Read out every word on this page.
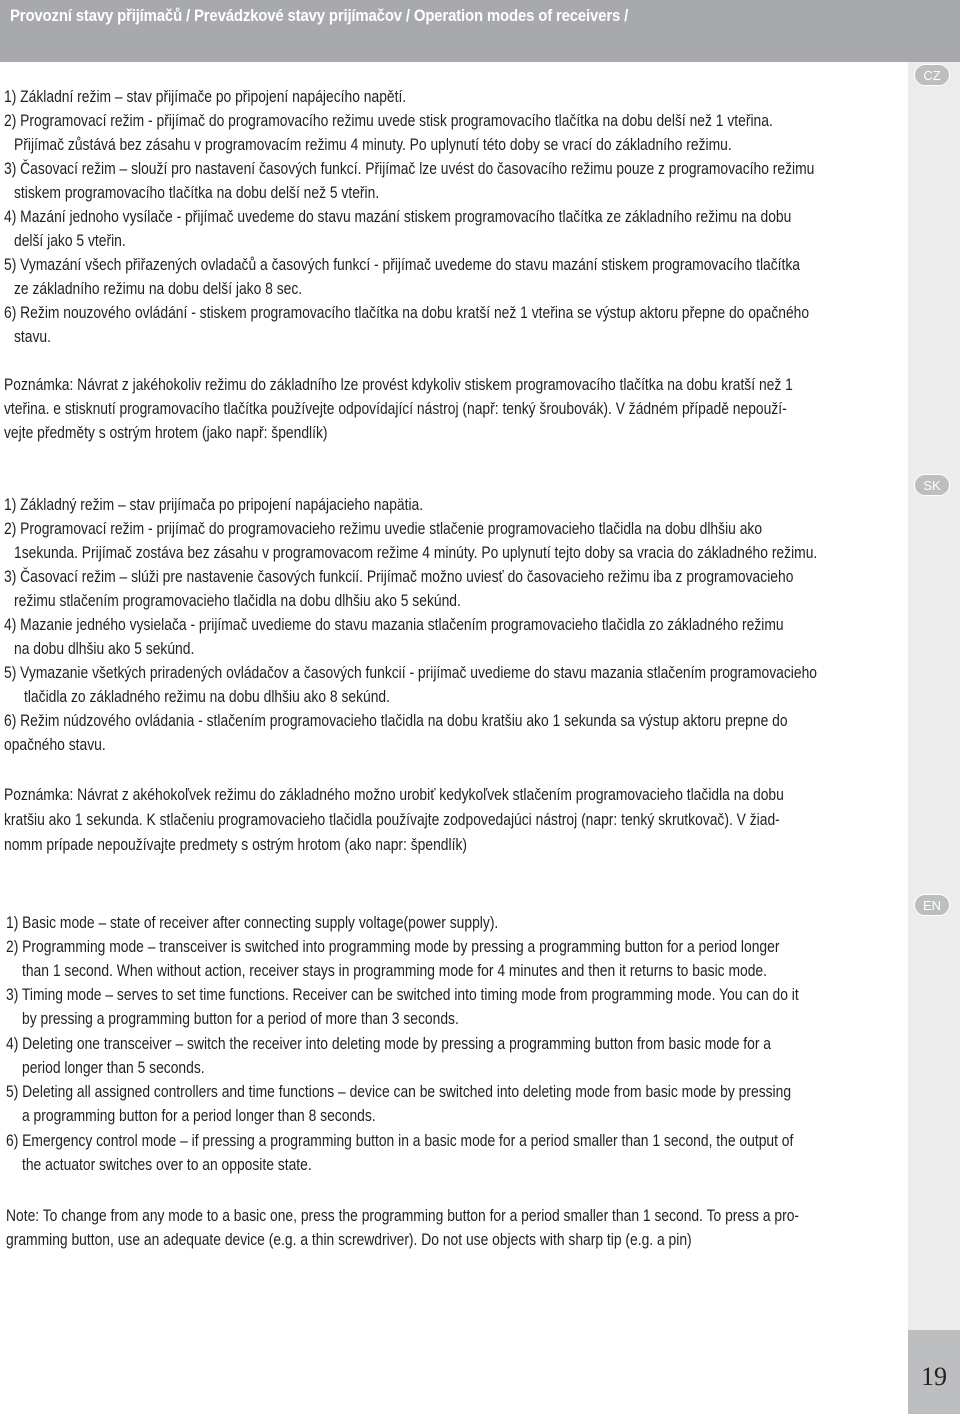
Provozní stavy přijímačů / Prevádzkové stavy prijímačov / Operation modes of receivers /
CZ
SK
EN
19
1) Základní režim – stav přijímače po připojení napájecího napětí.
2) Programovací režim - přijímač do programovacího režimu uvede stisk programovacího tlačítka na dobu delší než 1 vteřina.
Přijímač zůstává bez zásahu v programovacím režimu 4 minuty. Po uplynutí této doby se vrací do základního režimu.
3) Časovací režim – slouží pro nastavení časových funkcí. Přijímač lze uvést do časovacího režimu pouze z programovacího režimu
stiskem programovacího tlačítka na dobu delší než 5 vteřin.
4) Mazání jednoho vysílače - přijímač uvedeme do stavu mazání stiskem programovacího tlačítka ze základního režimu na dobu
delší jako 5 vteřin.
5) Vymazání všech přiřazených ovladačů a časových funkcí - přijímač uvedeme do stavu mazání stiskem programovacího tlačítka
ze základního režimu na dobu delší jako 8 sec.
6) Režim nouzového ovládání - stiskem programovacího tlačítka na dobu kratší než 1 vteřina se výstup aktoru přepne do opačného
stavu.
Poznámka: Návrat z jakéhokoliv režimu do základního lze provést kdykoliv stiskem programovacího tlačítka na dobu kratší než 1
vteřina. e stisknutí programovacího tlačítka používejte odpovídající nástroj (např: tenký šroubovák). V žádném případě nepouží-
vejte předměty s ostrým hrotem (jako např: špendlík)
1) Základný režim – stav prijímača po pripojení napájacieho napätia.
2) Programovací režim - prijímač do programovacieho režimu uvedie stlačenie programovacieho tlačidla na dobu dlhšiu ako
1sekunda. Prijímač zostáva bez zásahu v programovacom režime 4 minúty. Po uplynutí tejto doby sa vracia do základného režimu.
3) Časovací režim – slúži pre nastavenie časových funkcií. Prijímač možno uviesť do časovacieho režimu iba z programovacieho
režimu stlačením programovacieho tlačidla na dobu dlhšiu ako 5 sekúnd.
4) Mazanie jedného vysielača - prijímač uvedieme do stavu mazania stlačením programovacieho tlačidla zo základného režimu
na dobu dlhšiu ako 5 sekúnd.
5) Vymazanie všetkých priradených ovládačov a časových funkcií - prijímač uvedieme do stavu mazania stlačením programovacieho
tlačidla zo základného režimu na dobu dlhšiu ako 8 sekúnd.
6) Režim núdzového ovládania - stlačením programovacieho tlačidla na dobu kratšiu ako 1 sekunda sa výstup aktoru prepne do
opačného stavu.
Poznámka: Návrat z akéhokoľvek režimu do základného možno urobiť kedykoľvek stlačením programovacieho tlačidla na dobu
kratšiu ako 1 sekunda. K stlačeniu programovacieho tlačidla používajte zodpovedajúci nástroj (napr: tenký skrutkovač). V žiad-
nomm prípade nepoužívajte predmety s ostrým hrotom (ako napr: špendlík)
1) Basic mode – state of receiver after connecting supply voltage(power supply).
2) Programming mode – transceiver is switched into programming mode by pressing a programming button for a period longer
than 1 second. When without action, receiver stays in programming mode for 4 minutes and then it returns to basic mode.
3) Timing mode – serves to set time functions. Receiver can be switched into timing mode from programming mode. You can do it
by pressing a programming button for a period of more than 3 seconds.
4) Deleting one transceiver – switch the receiver into deleting mode by pressing a programming button from basic mode for a
period longer than 5 seconds.
5) Deleting all assigned controllers and time functions – device can be switched into deleting mode from basic mode by pressing
a programming button for a period longer than 8 seconds.
6) Emergency control mode – if pressing a programming button in a basic mode for a period smaller than 1 second, the output of
the actuator switches over to an opposite state.
Note: To change from any mode to a basic one, press the programming button for a period smaller than 1 second. To press a pro-
gramming button, use an adequate device (e.g. a thin screwdriver). Do not use objects with sharp tip (e.g. a pin)
